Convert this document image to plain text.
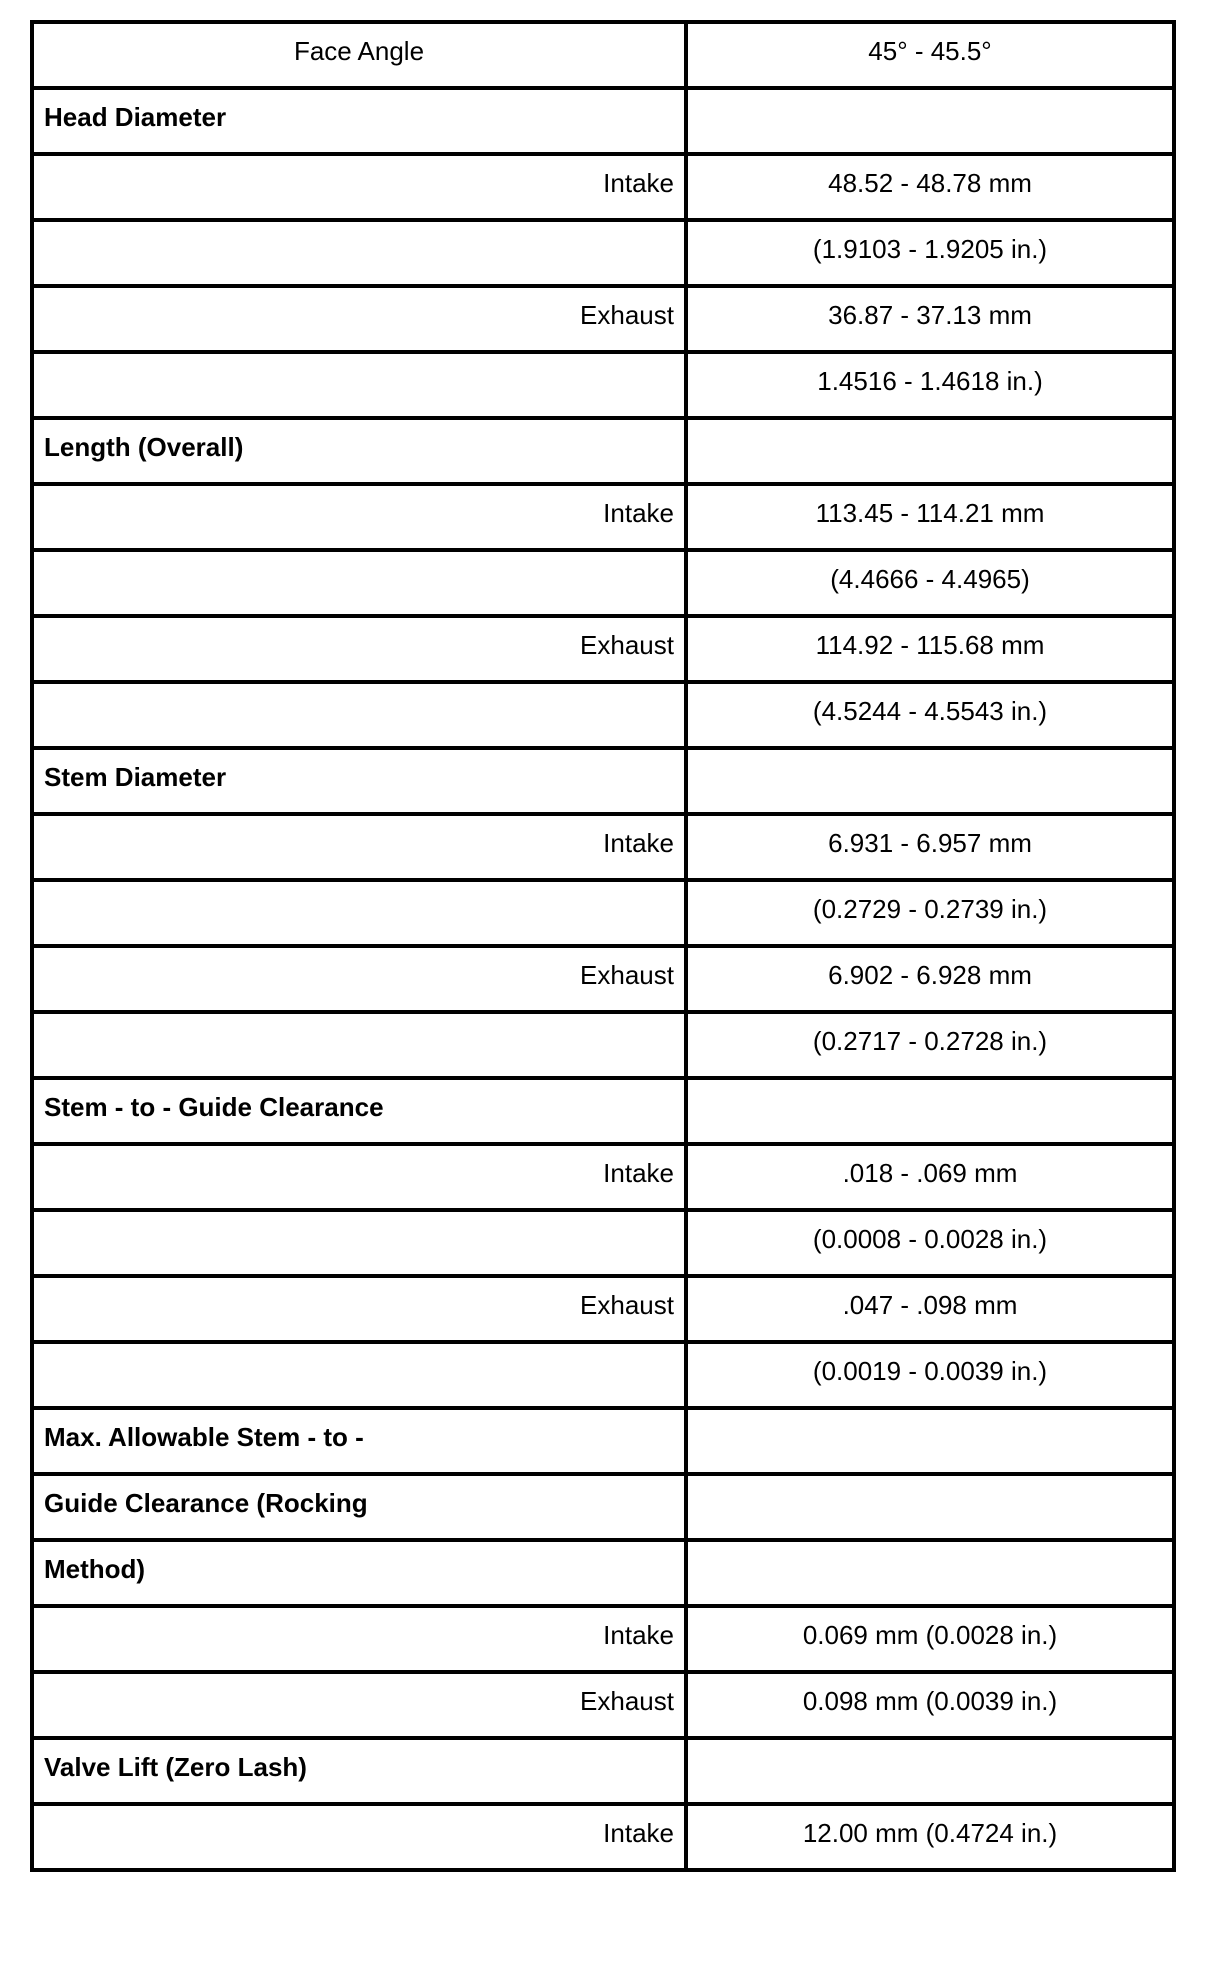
Face Angle	45° - 45.5°
Head Diameter	
Intake	48.52 - 48.78 mm
	(1.9103 - 1.9205 in.)
Exhaust	36.87 - 37.13 mm
	1.4516 - 1.4618 in.)
Length (Overall)	
Intake	113.45 - 114.21 mm
	(4.4666 - 4.4965)
Exhaust	114.92 - 115.68 mm
	(4.5244 - 4.5543 in.)
Stem Diameter	
Intake	6.931 - 6.957 mm
	(0.2729 - 0.2739 in.)
Exhaust	6.902 - 6.928 mm
	(0.2717 - 0.2728 in.)
Stem - to - Guide Clearance	
Intake	.018 - .069 mm
	(0.0008 - 0.0028 in.)
Exhaust	.047 - .098 mm
	(0.0019 - 0.0039 in.)
Max. Allowable Stem - to -	
Guide Clearance (Rocking	
Method)	
Intake	0.069 mm (0.0028 in.)
Exhaust	0.098 mm (0.0039 in.)
Valve Lift (Zero Lash)	
Intake	12.00 mm (0.4724 in.)
